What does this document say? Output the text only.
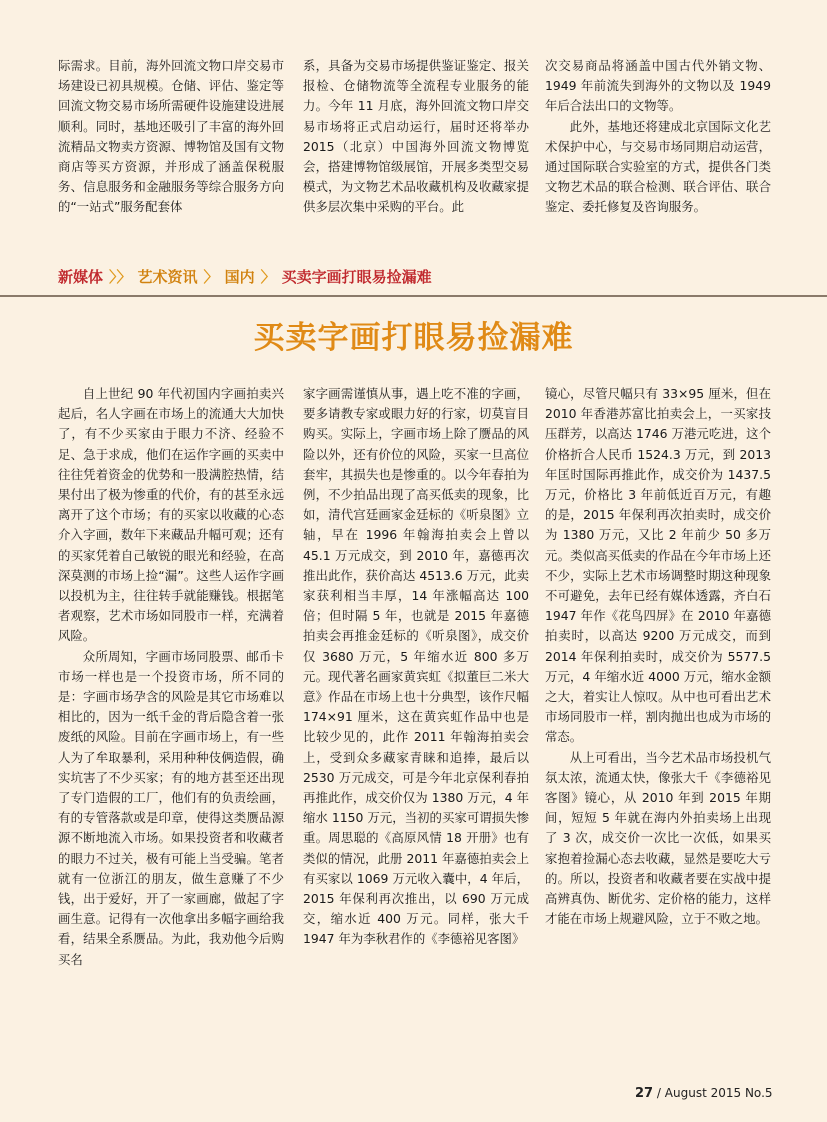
际需求。目前，海外回流文物口岸交易市场建设已初具规模。仓储、评估、鉴定等回流文物交易市场所需硬件设施建设进展顺利。同时，基地还吸引了丰富的海外回流精品文物卖方资源、博物馆及国有文物商店等买方资源，并形成了涵盖保税服务、信息服务和金融服务等综合服务方向的“一站式”服务配套体

系，具备为交易市场提供鉴证鉴定、报关报检、仓储物流等全流程专业服务的能力。今年 11 月底，海外回流文物口岸交易市场将正式启动运行，届时还将举办 2015（北京）中国海外回流文物博览会，搭建博物馆级展馆，开展多类型交易模式，为文物艺术品收藏机构及收藏家提供多层次集中采购的平台。此

次交易商品将涵盖中国古代外销文物、1949 年前流失到海外的文物以及 1949 年后合法出口的文物等。

此外，基地还将建成北京国际文化艺术保护中心，与交易市场同期启动运营，通过国际联合实验室的方式，提供各门类文物艺术品的联合检测、联合评估、联合鉴定、委托修复及咨询服务。

新媒体 〉〉 艺术资讯 〉 国内 〉 买卖字画打眼易捡漏难
买卖字画打眼易捡漏难

自上世纪 90 年代初国内字画拍卖兴起后，名人字画在市场上的流通大大加快了，有不少买家由于眼力不济、经验不足、急于求成，他们在运作字画的买卖中往往凭着资金的优势和一股满腔热情，结果付出了极为惨重的代价，有的甚至永远离开了这个市场；有的买家以收藏的心态介入字画，数年下来藏品升幅可观；还有的买家凭着自己敏锐的眼光和经验，在高深莫测的市场上捡“漏”。这些人运作字画以投机为主，往往转手就能赚钱。根据笔者观察，艺术市场如同股市一样，充满着风险。

众所周知，字画市场同股票、邮币卡市场一样也是一个投资市场，所不同的是：字画市场孕含的风险是其它市场难以相比的，因为一纸千金的背后隐含着一张废纸的风险。目前在字画市场上，有一些人为了牟取暴利，采用种种伎俩造假，确实坑害了不少买家；有的地方甚至还出现了专门造假的工厂，他们有的负责绘画，有的专管落款或是印章，使得这类赝品源源不断地流入市场。如果投资者和收藏者的眼力不过关，极有可能上当受骗。笔者就有一位浙江的朋友，做生意赚了不少钱，出于爱好，开了一家画廊，做起了字画生意。记得有一次他拿出多幅字画给我看，结果全系赝品。为此，我劝他今后购买名

家字画需谨慎从事，遇上吃不准的字画，要多请教专家或眼力好的行家，切莫盲目购买。实际上，字画市场上除了赝品的风险以外，还有价位的风险，买家一旦高位套牢，其损失也是惨重的。以今年春拍为例，不少拍品出现了高买低卖的现象，比如，清代宫廷画家金廷标的《听泉图》立轴，早在 1996 年翰海拍卖会上曾以 45.1 万元成交，到 2010 年，嘉德再次推出此作，获价高达 4513.6 万元，此卖家获利相当丰厚，14 年涨幅高达 100 倍；但时隔 5 年，也就是 2015 年嘉德拍卖会再推金廷标的《听泉图》，成交价仅 3680 万元，5 年缩水近 800 多万元。现代著名画家黄宾虹《拟董巨二米大意》作品在市场上也十分典型，该作尺幅 174×91 厘米，这在黄宾虹作品中也是比较少见的，此作 2011 年翰海拍卖会上，受到众多藏家青睐和追捧，最后以 2530 万元成交，可是今年北京保利春拍再推此作，成交价仅为 1380 万元，4 年缩水 1150 万元，当初的买家可谓损失惨重。周思聪的《高原风情 18 开册》也有类似的情况，此册 2011 年嘉德拍卖会上有买家以 1069 万元收入囊中，4 年后，2015 年保利再次推出，以 690 万元成交，缩水近 400 万元。同样，张大千 1947 年为李秋君作的《李德裕见客图》

镜心，尽管尺幅只有 33×95 厘米，但在 2010 年香港苏富比拍卖会上，一买家技压群芳，以高达 1746 万港元吃进，这个价格折合人民币 1524.3 万元，到 2013 年匡时国际再推此作，成交价为 1437.5 万元，价格比 3 年前低近百万元，有趣的是，2015 年保利再次拍卖时，成交价为 1380 万元，又比 2 年前少 50 多万元。类似高买低卖的作品在今年市场上还不少，实际上艺术市场调整时期这种现象不可避免，去年已经有媒体透露，齐白石 1947 年作《花鸟四屏》在 2010 年嘉德拍卖时，以高达 9200 万元成交，而到 2014 年保利拍卖时，成交价为 5577.5 万元，4 年缩水近 4000 万元，缩水金额之大，着实让人惊叹。从中也可看出艺术市场同股市一样，割肉抛出也成为市场的常态。

从上可看出，当今艺术品市场投机气氛太浓，流通太快，像张大千《李德裕见客图》镜心，从 2010 年到 2015 年期间，短短 5 年就在海内外拍卖场上出现了 3 次，成交价一次比一次低，如果买家抱着捡漏心态去收藏，显然是要吃大亏的。所以，投资者和收藏者要在实战中提高辨真伪、断优劣、定价格的能力，这样才能在市场上规避风险，立于不败之地。

27 / August 2015 No.5
